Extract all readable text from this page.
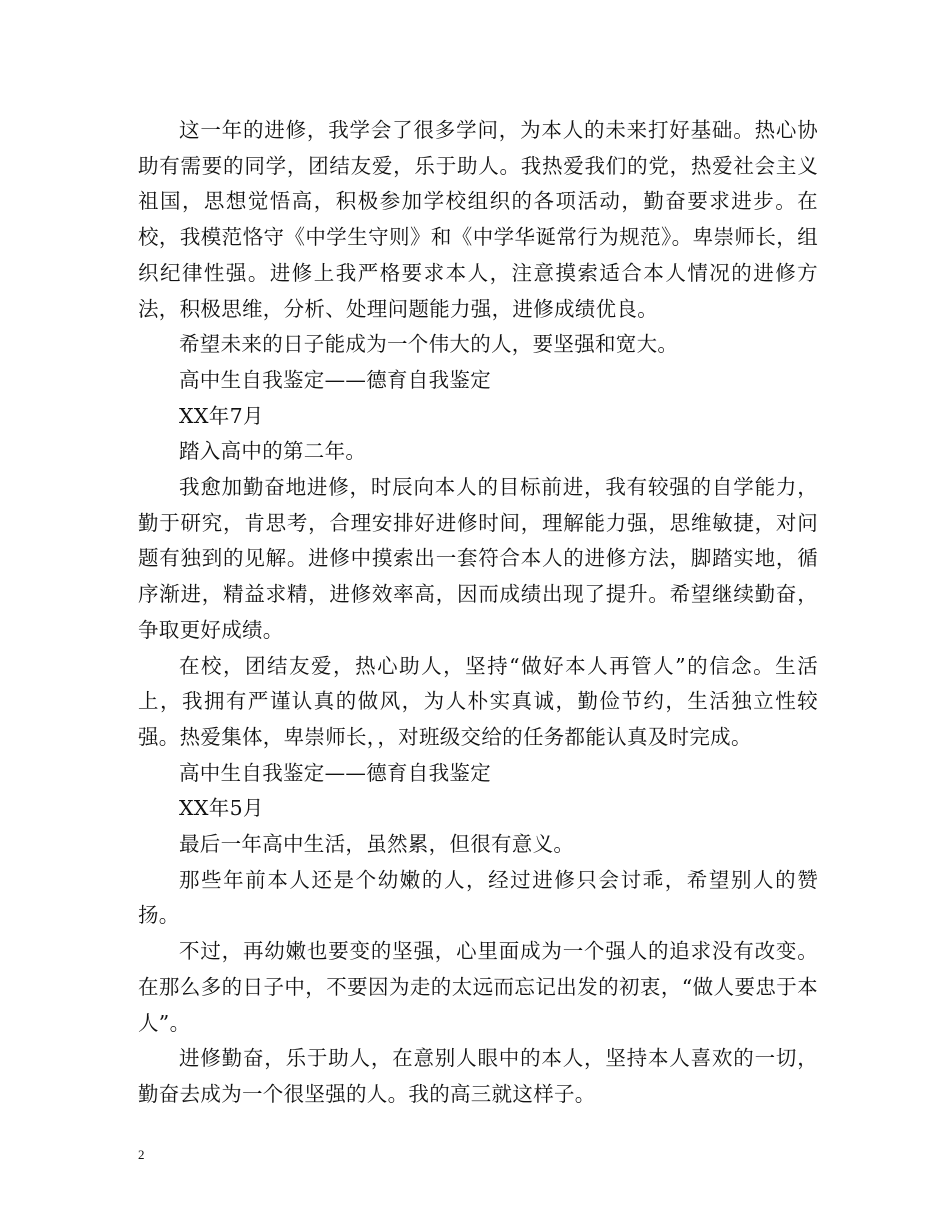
这一年的进修，我学会了很多学问，为本人的未来打好基础。热心协助有需要的同学，团结友爱，乐于助人。我热爱我们的党，热爱社会主义祖国，思想觉悟高，积极参加学校组织的各项活动，勤奋要求进步。在校，我模范恪守《中学生守则》和《中学华诞常行为规范》。卑崇师长，组织纪律性强。进修上我严格要求本人，注意摸索适合本人情况的进修方法，积极思维，分析、处理问题能力强，进修成绩优良。

希望未来的日子能成为一个伟大的人，要坚强和宽大。

高中生自我鉴定——德育自我鉴定

XX年7月

踏入高中的第二年。

我愈加勤奋地进修，时辰向本人的目标前进，我有较强的自学能力，勤于研究，肯思考，合理安排好进修时间，理解能力强，思维敏捷，对问题有独到的见解。进修中摸索出一套符合本人的进修方法，脚踏实地，循序渐进，精益求精，进修效率高，因而成绩出现了提升。希望继续勤奋，争取更好成绩。

在校，团结友爱，热心助人，坚持“做好本人再管人”的信念。生活上，我拥有严谨认真的做风，为人朴实真诚，勤俭节约，生活独立性较强。热爱集体，卑崇师长，，对班级交给的任务都能认真及时完成。

高中生自我鉴定——德育自我鉴定

XX年5月

最后一年高中生活，虽然累，但很有意义。

那些年前本人还是个幼嫩的人，经过进修只会讨乖，希望别人的赞扬。

不过，再幼嫩也要变的坚强，心里面成为一个强人的追求没有改变。在那么多的日子中，不要因为走的太远而忘记出发的初衷，“做人要忠于本人”。

进修勤奋，乐于助人，在意别人眼中的本人，坚持本人喜欢的一切，勤奋去成为一个很坚强的人。我的高三就这样子。

2
